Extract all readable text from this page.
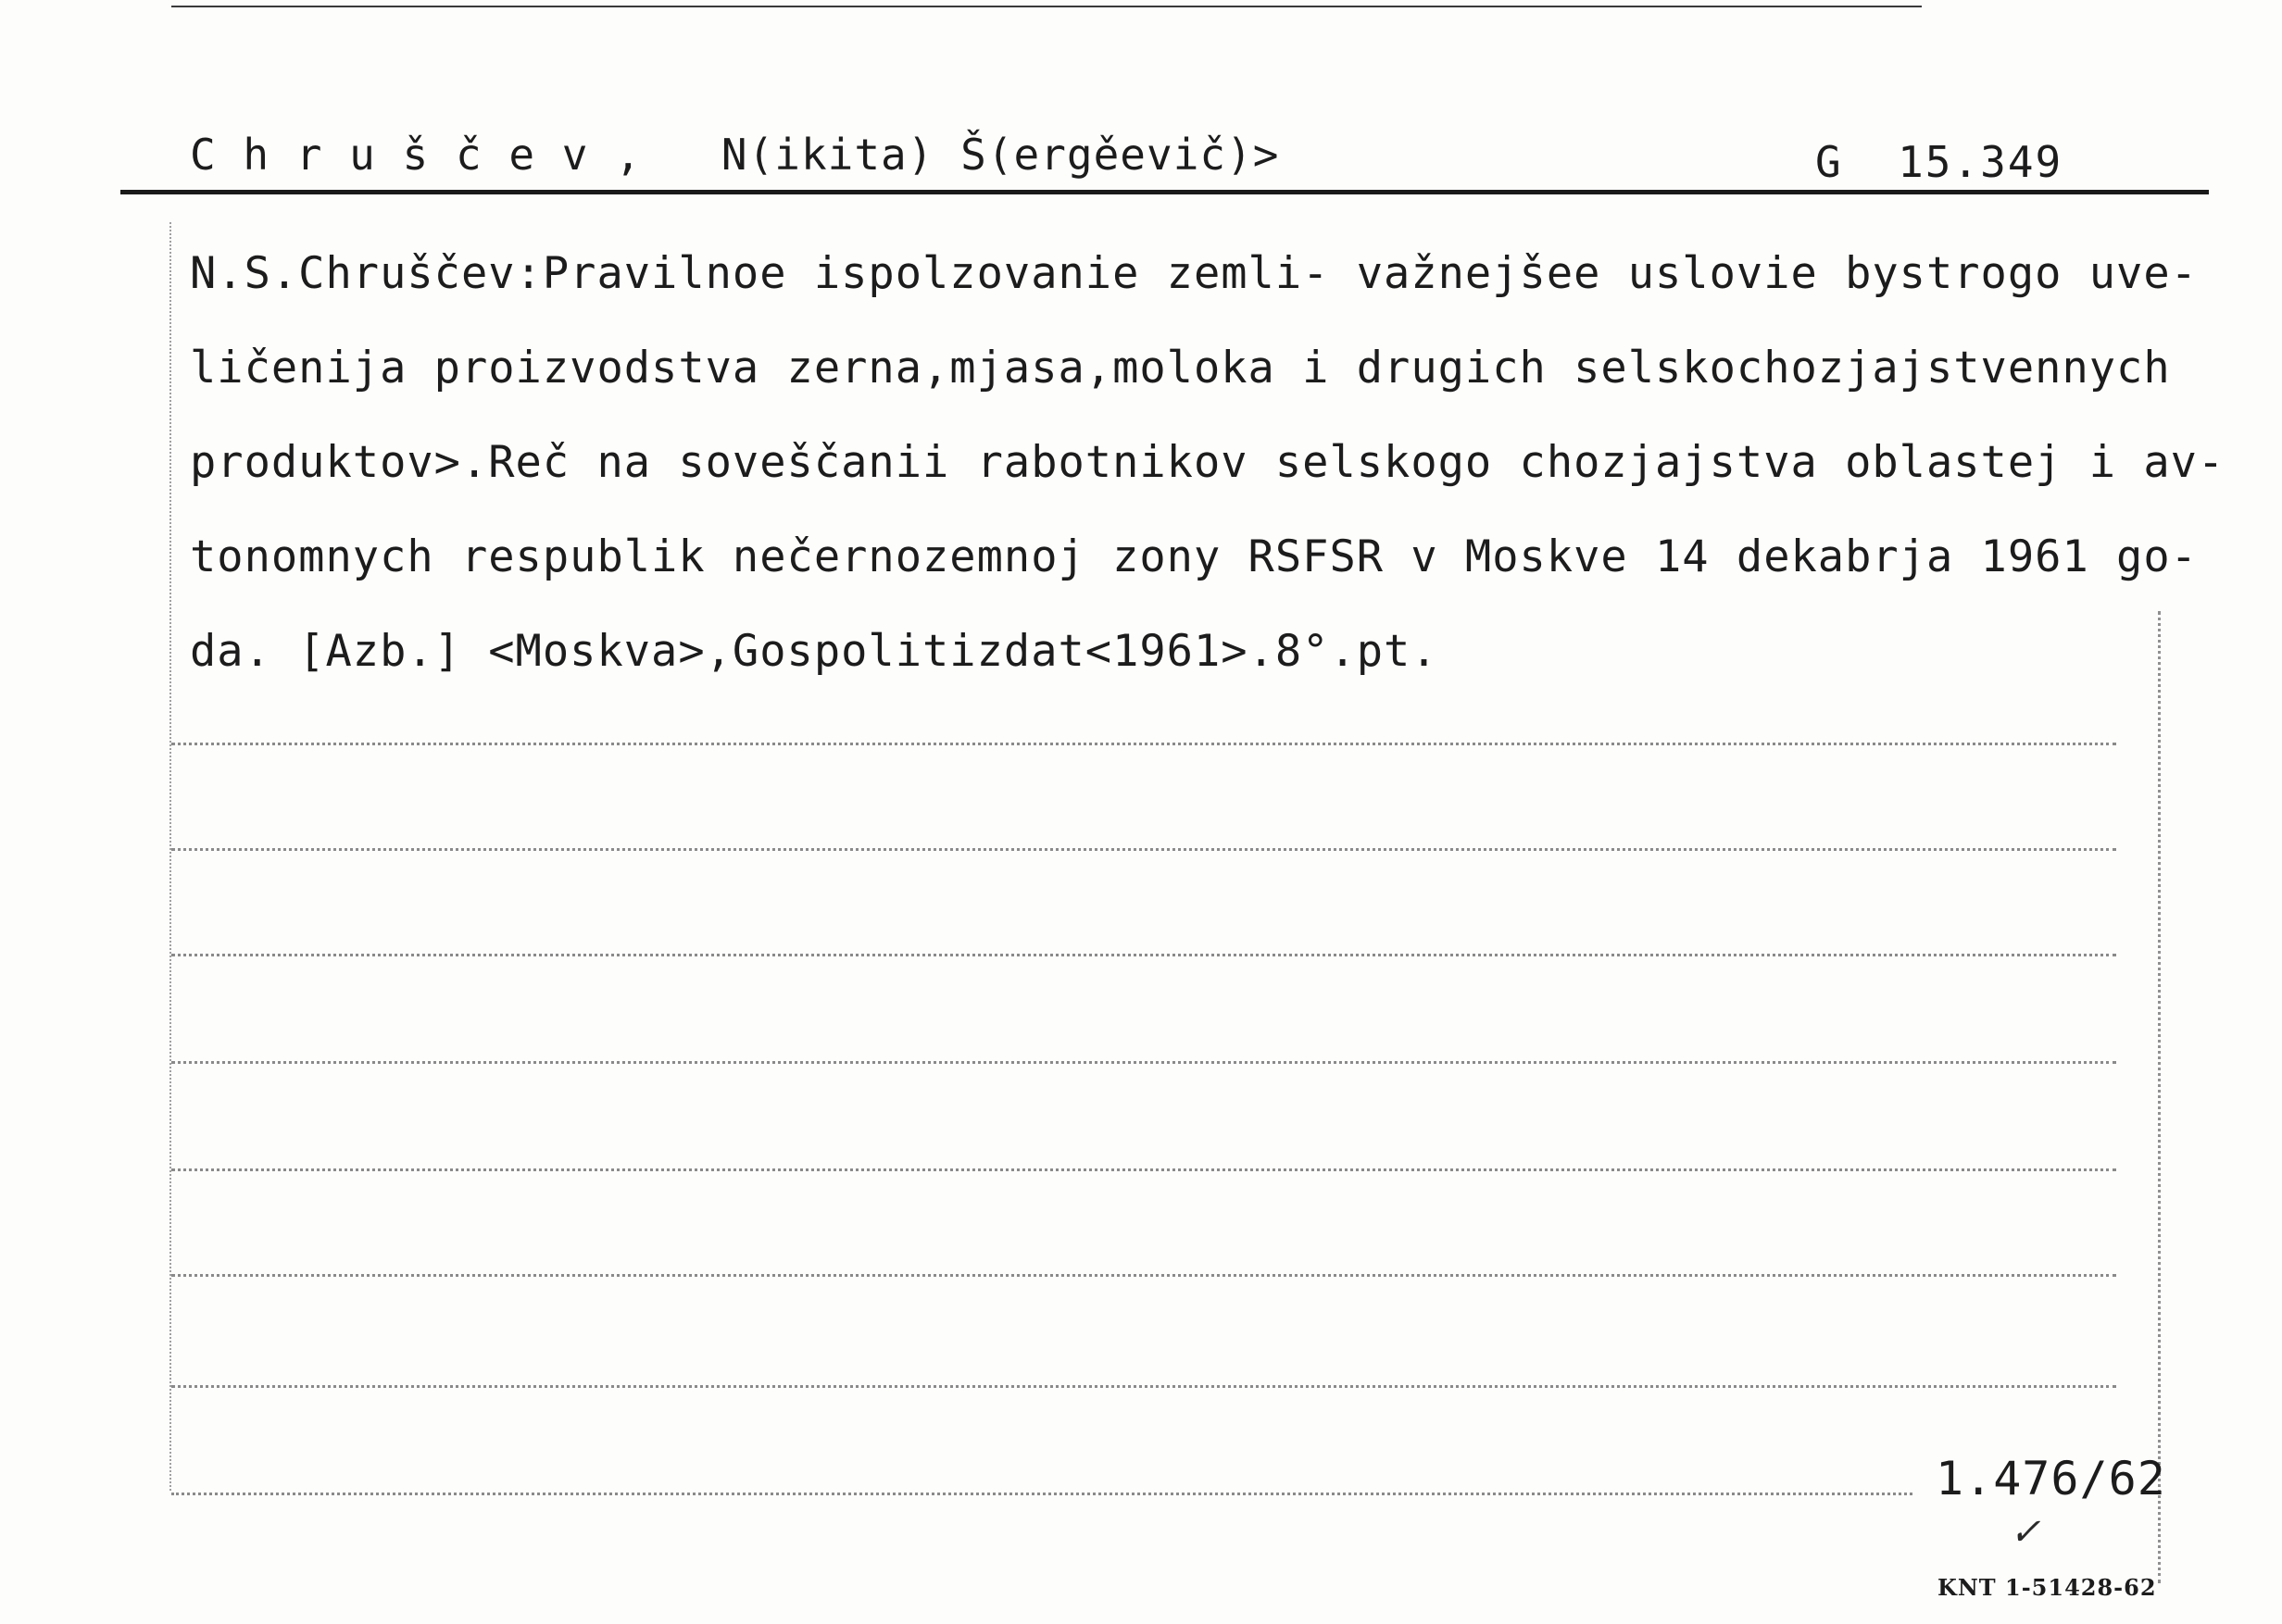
C h r u š č e v ,   N(ikita) Š(ergěevič)>	G  15.349
N.S.Chruščev:Pravilnoe ispolzovanie zemli- važnejšee uslovie bystrogo uve-
ličenija proizvodstva zerna,mjasa,moloka i drugich selskochozjajstvennych
produktov>.Reč na soveščanii rabotnikov selskogo chozjajstva oblastej i av-
tonomnych respublik nečernozemnoj zony RSFSR v Moskve 14 dekabrja 1961 go-
da. [Azb.] <Moskva>,Gospolitizdat<1961>.8°.pt.
1.476/62
✓
KNT 1-51428-62
